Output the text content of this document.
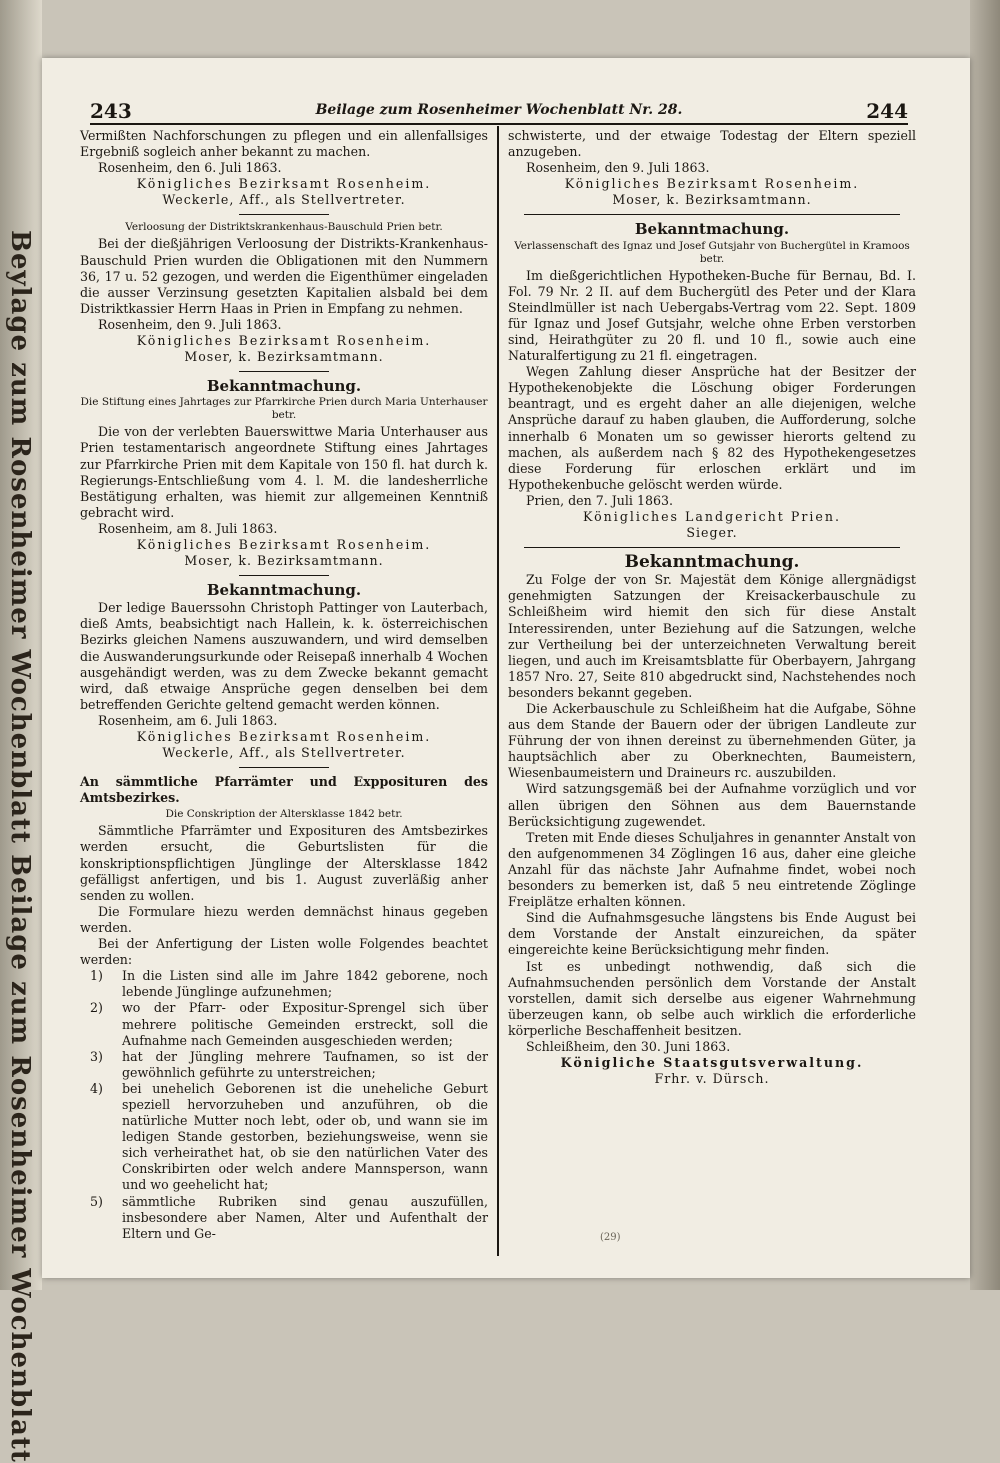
Beylage zum Rosenheimer Wochenblatt Beilage zum Rosenheimer Wochenblatt
243	Beilage zum Rosenheimer Wochenblatt Nr. 28.	244

Vermißten Nachforschungen zu pflegen und ein allenfallsiges Ergebniß sogleich anher bekannt zu machen.

Rosenheim, den 6. Juli 1863.

Königliches Bezirksamt Rosenheim.

Weckerle, Aff., als Stellvertreter.

Verloosung der Distriktskrankenhaus-Bauschuld Prien betr.

Bei der dießjährigen Verloosung der Distrikts-Krankenhaus-Bauschuld Prien wurden die Obligationen mit den Nummern 36, 17 u. 52 gezogen, und werden die Eigenthümer eingeladen die ausser Verzinsung gesetzten Kapitalien alsbald bei dem Distriktkassier Herrn Haas in Prien in Empfang zu nehmen.

Rosenheim, den 9. Juli 1863.

Königliches Bezirksamt Rosenheim.

Moser, k. Bezirksamtmann.

Bekanntmachung.

Die Stiftung eines Jahrtages zur Pfarrkirche Prien durch Maria Unterhauser betr.

Die von der verlebten Bauerswittwe Maria Unterhauser aus Prien testamentarisch angeordnete Stiftung eines Jahrtages zur Pfarrkirche Prien mit dem Kapitale von 150 fl. hat durch k. Regierungs-Entschließung vom 4. l. M. die landesherrliche Bestätigung erhalten, was hiemit zur allgemeinen Kenntniß gebracht wird.

Rosenheim, am 8. Juli 1863.

Königliches Bezirksamt Rosenheim.

Moser, k. Bezirksamtmann.

Bekanntmachung.

Der ledige Bauerssohn Christoph Pattinger von Lauterbach, dieß Amts, beabsichtigt nach Hallein, k. k. österreichischen Bezirks gleichen Namens auszuwandern, und wird demselben die Auswanderungsurkunde oder Reisepaß innerhalb 4 Wochen ausgehändigt werden, was zu dem Zwecke bekannt gemacht wird, daß etwaige Ansprüche gegen denselben bei dem betreffenden Gerichte geltend gemacht werden können.

Rosenheim, am 6. Juli 1863.

Königliches Bezirksamt Rosenheim.

Weckerle, Aff., als Stellvertreter.

An sämmtliche Pfarrämter und Expposituren des Amtsbezirkes.

Die Conskription der Altersklasse 1842 betr.

Sämmtliche Pfarrämter und Exposituren des Amtsbezirkes werden ersucht, die Geburtslisten für die konskriptionspflichtigen Jünglinge der Altersklasse 1842 gefälligst anfertigen, und bis 1. August zuverläßig anher senden zu wollen.

Die Formulare hiezu werden demnächst hinaus gegeben werden.

Bei der Anfertigung der Listen wolle Folgendes beachtet werden:

1)	In die Listen sind alle im Jahre 1842 geborene, noch lebende Jünglinge aufzunehmen;
2)	wo der Pfarr- oder Expositur-Sprengel sich über mehrere politische Gemeinden erstreckt, soll die Aufnahme nach Gemeinden ausgeschieden werden;
3)	hat der Jüngling mehrere Taufnamen, so ist der gewöhnlich geführte zu unterstreichen;
4)	bei unehelich Geborenen ist die uneheliche Geburt speziell hervorzuheben und anzuführen, ob die natürliche Mutter noch lebt, oder ob, und wann sie im ledigen Stande gestorben, beziehungsweise, wenn sie sich verheirathet hat, ob sie den natürlichen Vater des Conskribirten oder welch andere Mannsperson, wann und wo geehelicht hat;
5)	sämmtliche Rubriken sind genau auszufüllen, insbesondere aber Namen, Alter und Aufenthalt der Eltern und Ge-

schwisterte, und der etwaige Todestag der Eltern speziell anzugeben.

Rosenheim, den 9. Juli 1863.

Königliches Bezirksamt Rosenheim.

Moser, k. Bezirksamtmann.

Bekanntmachung.

Verlassenschaft des Ignaz und Josef Gutsjahr von Buchergütel in Kramoos betr.

Im dießgerichtlichen Hypotheken-Buche für Bernau, Bd. I. Fol. 79 Nr. 2 II. auf dem Buchergütl des Peter und der Klara Steindlmüller ist nach Uebergabs-Vertrag vom 22. Sept. 1809 für Ignaz und Josef Gutsjahr, welche ohne Erben verstorben sind, Heirathgüter zu 20 fl. und 10 fl., sowie auch eine Naturalfertigung zu 21 fl. eingetragen.

Wegen Zahlung dieser Ansprüche hat der Besitzer der Hypothekenobjekte die Löschung obiger Forderungen beantragt, und es ergeht daher an alle diejenigen, welche Ansprüche darauf zu haben glauben, die Aufforderung, solche innerhalb 6 Monaten um so gewisser hierorts geltend zu machen, als außerdem nach § 82 des Hypothekengesetzes diese Forderung für erloschen erklärt und im Hypothekenbuche gelöscht werden würde.

Prien, den 7. Juli 1863.

Königliches Landgericht Prien.

Sieger.

Bekanntmachung.

Zu Folge der von Sr. Majestät dem Könige allergnädigst genehmigten Satzungen der Kreisackerbauschule zu Schleißheim wird hiemit den sich für diese Anstalt Interessirenden, unter Beziehung auf die Satzungen, welche zur Vertheilung bei der unterzeichneten Verwaltung bereit liegen, und auch im Kreisamtsblatte für Oberbayern, Jahrgang 1857 Nro. 27, Seite 810 abgedruckt sind, Nachstehendes noch besonders bekannt gegeben.

Die Ackerbauschule zu Schleißheim hat die Aufgabe, Söhne aus dem Stande der Bauern oder der übrigen Landleute zur Führung der von ihnen dereinst zu übernehmenden Güter, ja hauptsächlich aber zu Oberknechten, Baumeistern, Wiesenbaumeistern und Draineurs rc. auszubilden.

Wird satzungsgemäß bei der Aufnahme vorzüglich und vor allen übrigen den Söhnen aus dem Bauernstande Berücksichtigung zugewendet.

Treten mit Ende dieses Schuljahres in genannter Anstalt von den aufgenommenen 34 Zöglingen 16 aus, daher eine gleiche Anzahl für das nächste Jahr Aufnahme findet, wobei noch besonders zu bemerken ist, daß 5 neu eintretende Zöglinge Freiplätze erhalten können.

Sind die Aufnahmsgesuche längstens bis Ende August bei dem Vorstande der Anstalt einzureichen, da später eingereichte keine Berücksichtigung mehr finden.

Ist es unbedingt nothwendig, daß sich die Aufnahmsuchenden persönlich dem Vorstande der Anstalt vorstellen, damit sich derselbe aus eigener Wahrnehmung überzeugen kann, ob selbe auch wirklich die erforderliche körperliche Beschaffenheit besitzen.

Schleißheim, den 30. Juni 1863.

Königliche Staatsgutsverwaltung.

Frhr. v. Dürsch.

(29)
